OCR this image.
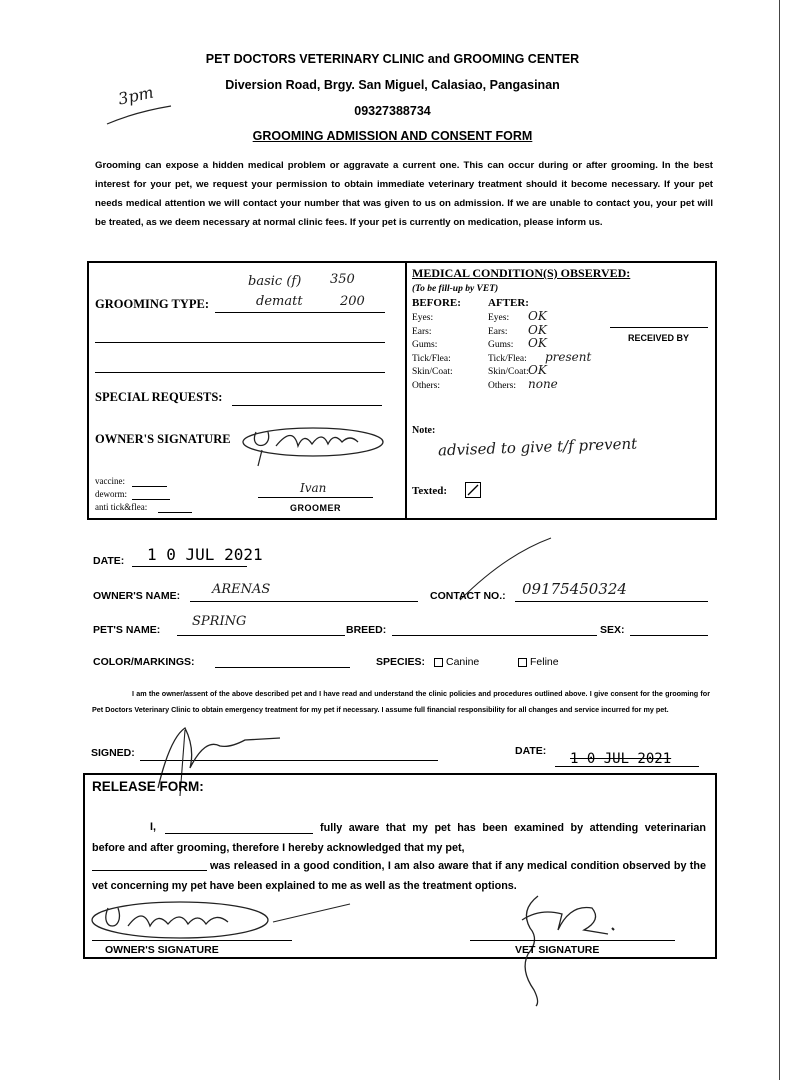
PET DOCTORS VETERINARY CLINIC and GROOMING CENTER
Diversion Road, Brgy. San Miguel, Calasiao, Pangasinan
09327388734
GROOMING ADMISSION AND CONSENT FORM
3pm
Grooming can expose a hidden medical problem or aggravate a current one. This can occur during or after grooming. In the best interest for your pet, we request your permission to obtain immediate veterinary treatment should it become necessary. If your pet needs medical attention we will contact your number that was given to us on admission. If we are unable to contact you, your pet will be treated, as we deem necessary at normal clinic fees. If your pet is currently on medication, please inform us.
GROOMING TYPE:
basic (f) 350
dematt	200
SPECIAL REQUESTS:
OWNER'S SIGNATURE
vaccine:
deworm:
anti tick&flea:
Ivan
GROOMER
MEDICAL CONDITION(S) OBSERVED:
(To be fill-up by VET)
BEFORE: AFTER:
Eyes:	Eyes: OK
Ears:	Ears: OK
Gums:	Gums: OK
Tick/Flea:	Tick/Flea: present
Skin/Coat:	Skin/Coat: OK
Others:	Others: none
RECEIVED BY
Note:
advised to give t/f prevent
Texted:
DATE: 1 0 JUL 2021
OWNER'S NAME: ARENAS	CONTACT NO.: 09175450324
PET'S NAME:
SPRING
BREED:	SEX:
COLOR/MARKINGS:	SPECIES:	Canine	Feline
I am the owner/assent of the above described pet and I have read and understand the clinic policies and procedures outlined above. I give consent for the grooming for Pet Doctors Veterinary Clinic to obtain emergency treatment for my pet if necessary. I assume full financial responsibility for all changes and service incurred for my pet.
SIGNED:	DATE: 1 0 JUL 2021
RELEASE FORM:
I,	fully aware that my pet has been examined by attending veterinarian before and after grooming, therefore I hereby acknowledged that my pet,
was released in a good condition, I am also aware that if any medical condition observed by the vet concerning my pet have been explained to me as well as the treatment options.
OWNER'S SIGNATURE	VET SIGNATURE
